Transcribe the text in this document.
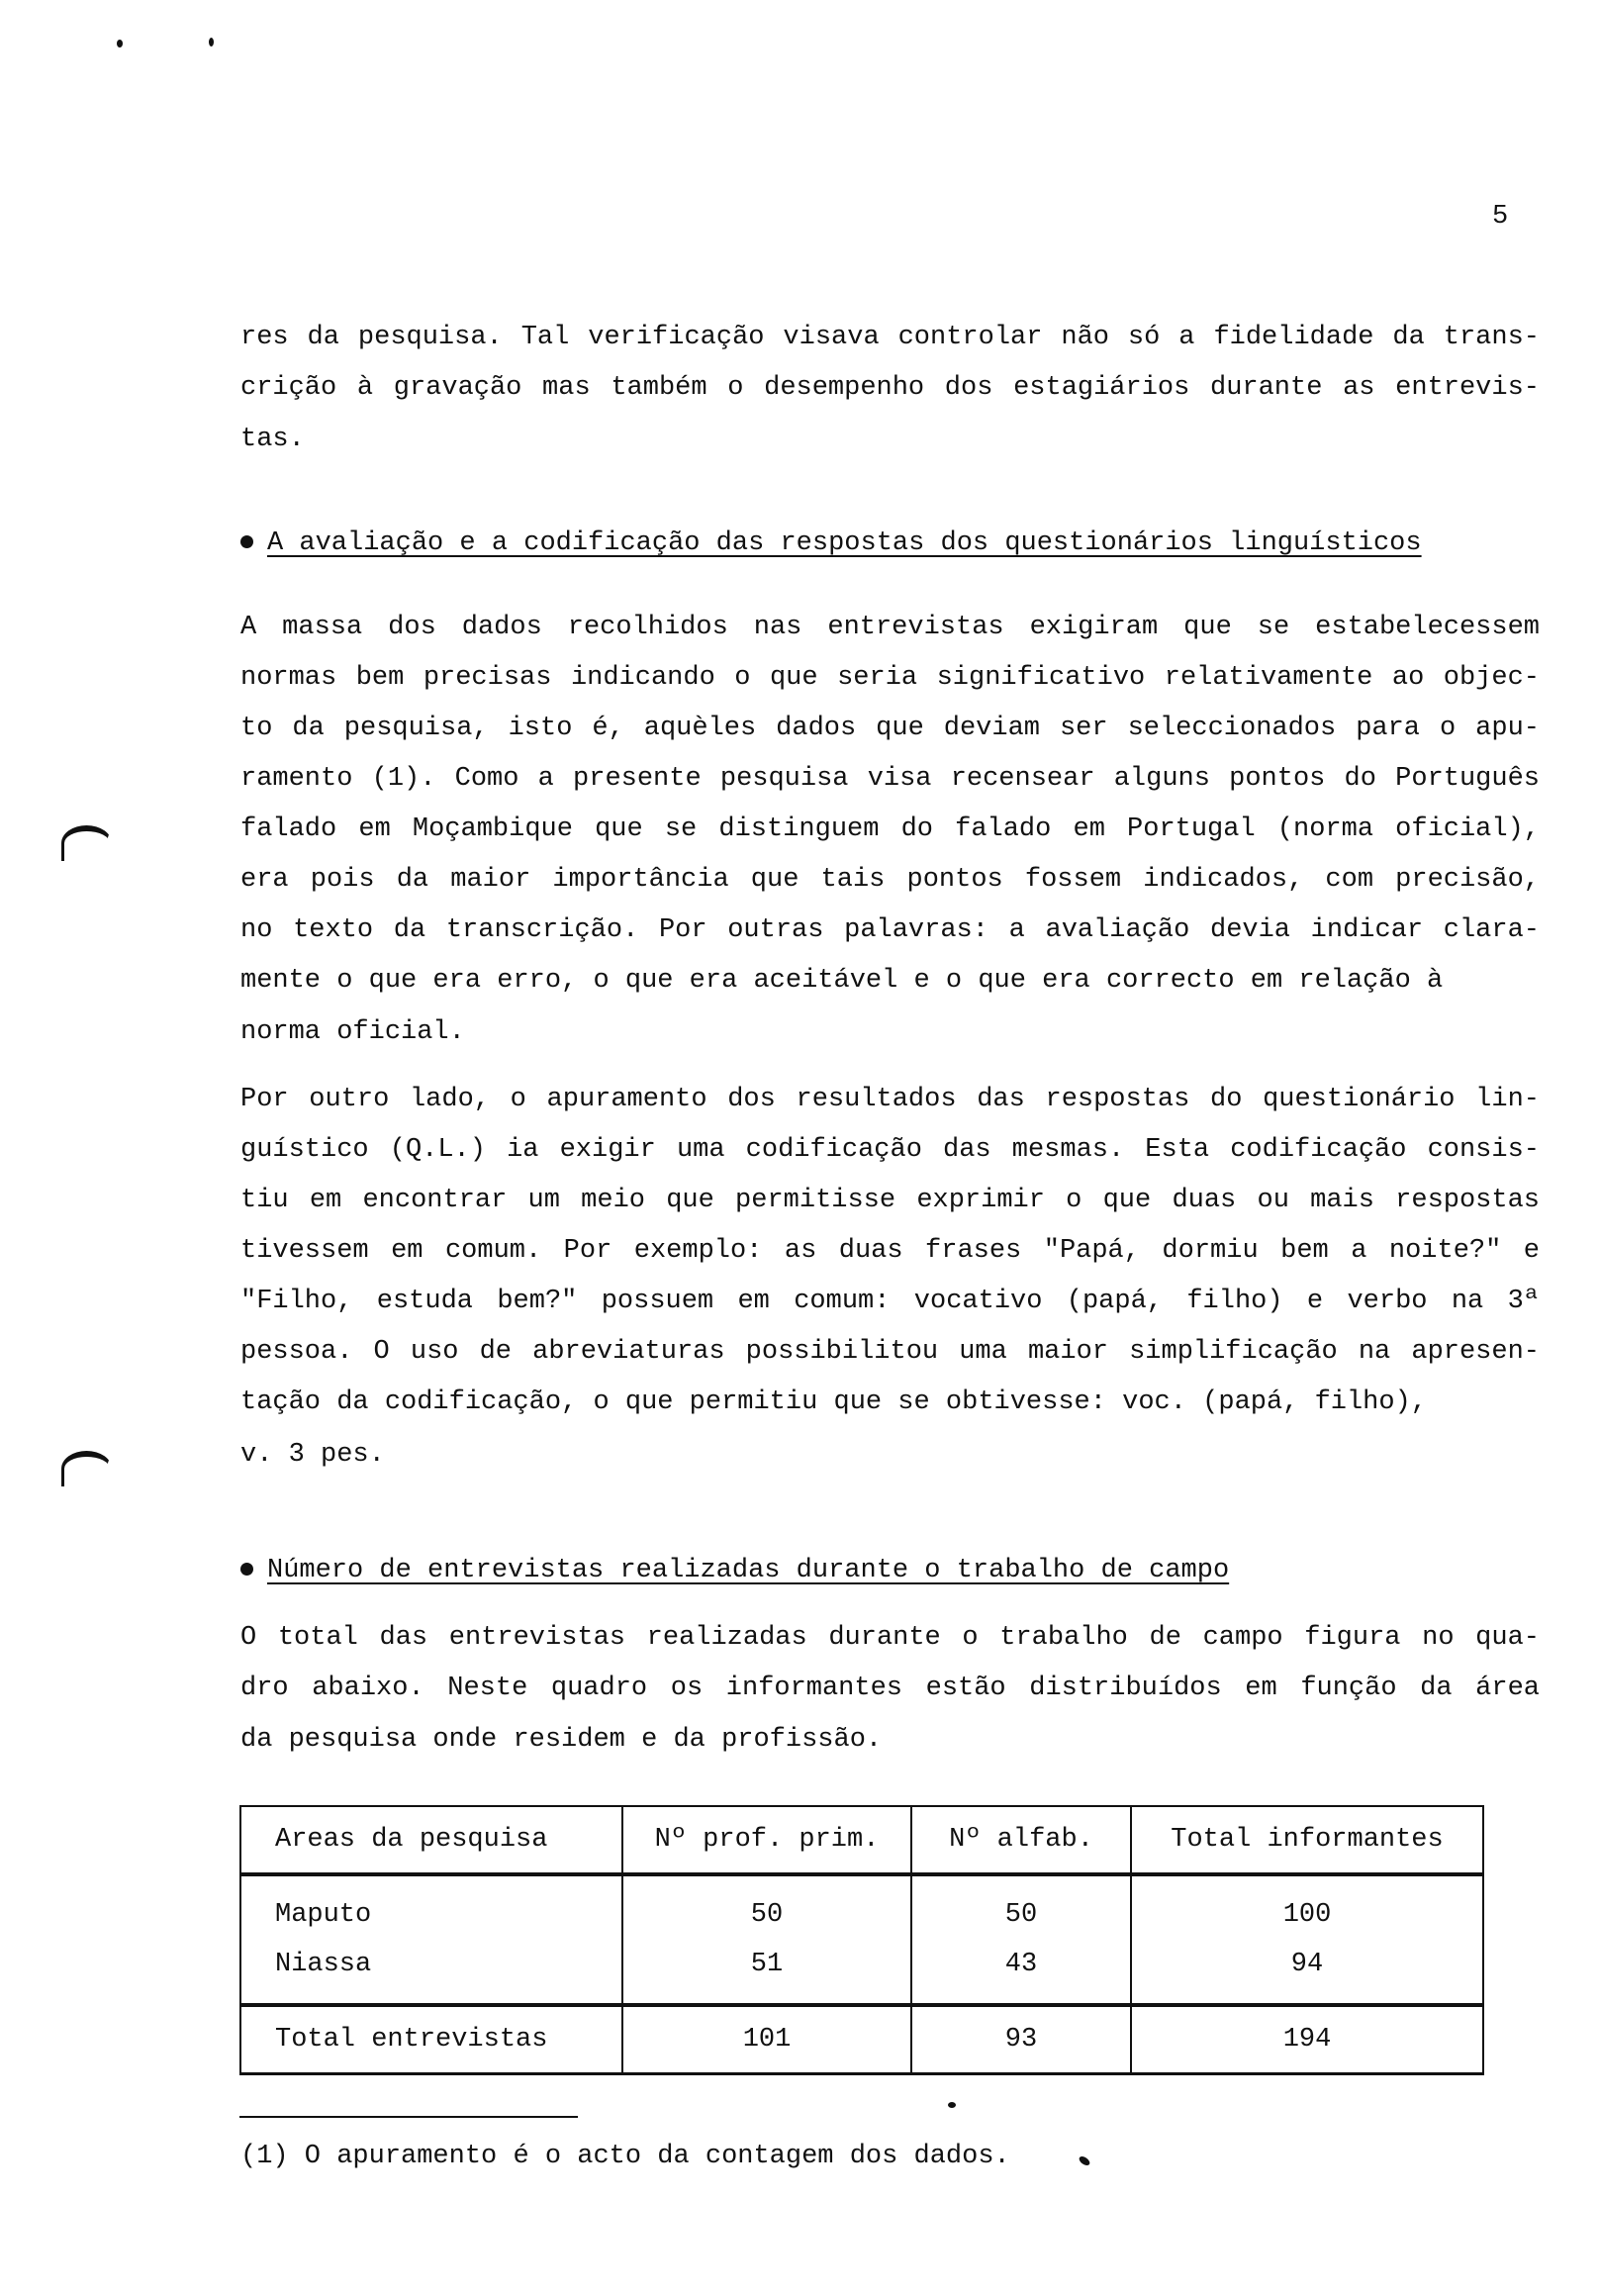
5
res da pesquisa. Tal verificação visava controlar não só a fidelidade da trans-
crição à gravação mas também o desempenho dos estagiários durante as entrevis-
tas.
A avaliação e a codificação das respostas dos questionários linguísticos
A massa dos dados recolhidos nas entrevistas exigiram que se estabelecessem
normas bem precisas indicando o que seria significativo relativamente ao objec-
to da pesquisa, isto é, aquèles dados que deviam ser seleccionados para o apu-
ramento (1). Como a presente pesquisa visa recensear alguns pontos do Português
falado em Moçambique que se distinguem do falado em Portugal (norma oficial),
era pois da maior importância que tais pontos fossem indicados, com precisão,
no texto da transcrição. Por outras palavras: a avaliação devia indicar clara-
mente o que era erro, o que era aceitável e o que era correcto em relação à
norma oficial.
Por outro lado, o apuramento dos resultados das respostas do questionário lin-
guístico (Q.L.) ia exigir uma codificação das mesmas. Esta codificação consis-
tiu em encontrar um meio que permitisse exprimir o que duas ou mais respostas
tivessem em comum. Por exemplo: as duas frases "Papá, dormiu bem a noite?" e
"Filho, estuda bem?" possuem em comum: vocativo (papá, filho) e verbo na 3ª
pessoa. O uso de abreviaturas possibilitou uma maior simplificação na apresen-
tação da codificação, o que permitiu que se obtivesse: voc. (papá, filho),
v. 3 pes.
Número de entrevistas realizadas durante o trabalho de campo
O total das entrevistas realizadas durante o trabalho de campo figura no qua-
dro abaixo. Neste quadro os informantes estão distribuídos em função da área
da pesquisa onde residem e da profissão.
Areas da pesquisa	Nº prof. prim.	Nº alfab.	Total informantes
Maputo	50	50	100
Niassa	51	43	94
Total entrevistas	101	93	194
(1) O apuramento é o acto da contagem dos dados.
